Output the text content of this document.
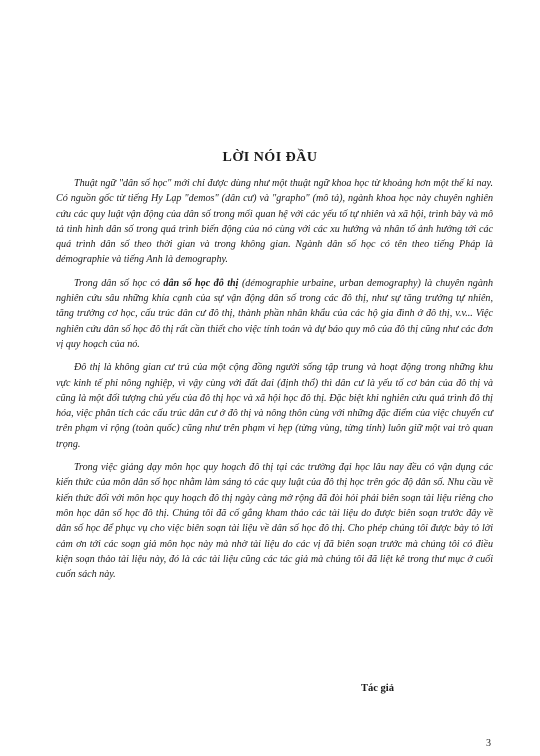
LỜI NÓI ĐẦU

Thuật ngữ "dân số học" mới chỉ được dùng như một thuật ngữ khoa học từ khoảng hơn một thế kỉ nay. Có nguồn gốc từ tiếng Hy Lạp "demos" (dân cư) và "grapho" (mô tả), ngành khoa học này chuyên nghiên cứu các quy luật vận động của dân số trong mối quan hệ với các yếu tố tự nhiên và xã hội, trình bày và mô tả tình hình dân số trong quá trình biến động của nó cùng với các xu hướng và nhân tố ảnh hưởng tới các quá trình dân số theo thời gian và trong không gian. Ngành dân số học có tên theo tiếng Pháp là démographie và tiếng Anh là demography.

Trong dân số học có dân số học đô thị (démographie urbaine, urban demography) là chuyên ngành nghiên cứu sâu những khía cạnh của sự vận động dân số trong các đô thị, như sự tăng trưởng tự nhiên, tăng trưởng cơ học, cấu trúc dân cư đô thị, thành phần nhân khẩu của các hộ gia đình ở đô thị, v.v... Việc nghiên cứu dân số học đô thị rất cần thiết cho việc tính toán và dự báo quy mô của đô thị cũng như các đơn vị quy hoạch của nó.

Đô thị là không gian cư trú của một cộng đồng người sống tập trung và hoạt động trong những khu vực kinh tế phi nông nghiệp, vì vậy cùng với đất đai (định thổ) thì dân cư là yếu tố cơ bản của đô thị và cũng là một đối tượng chủ yếu của đô thị học và xã hội học đô thị. Đặc biệt khi nghiên cứu quá trình đô thị hóa, việc phân tích các cấu trúc dân cư ở đô thị và nông thôn cùng với những đặc điểm của việc chuyển cư trên phạm vi rộng (toàn quốc) cũng như trên phạm vi hẹp (từng vùng, từng tỉnh) luôn giữ một vai trò quan trọng.

Trong việc giảng dạy môn học quy hoạch đô thị tại các trường đại học lâu nay đều có vận dụng các kiến thức của môn dân số học nhằm làm sáng tỏ các quy luật của đô thị học trên góc độ dân số. Nhu cầu về kiến thức đối với môn học quy hoạch đô thị ngày càng mở rộng đã đòi hỏi phải biên soạn tài liệu riêng cho môn học dân số học đô thị. Chúng tôi đã cố gắng kham thảo các tài liệu do được biên soạn trước đây về dân số học để phục vụ cho việc biên soạn tài liệu về dân số học đô thị. Cho phép chúng tôi được bày tỏ lời cảm ơn tới các soạn giả môn học này mà nhờ tài liệu do các vị đã biên soạn trước mà chúng tôi có điều kiện soạn thảo tài liệu này, đó là các tài liệu cũng các tác giả mà chúng tôi đã liệt kê trong thư mục ở cuối cuốn sách này.

Tác giả
3
